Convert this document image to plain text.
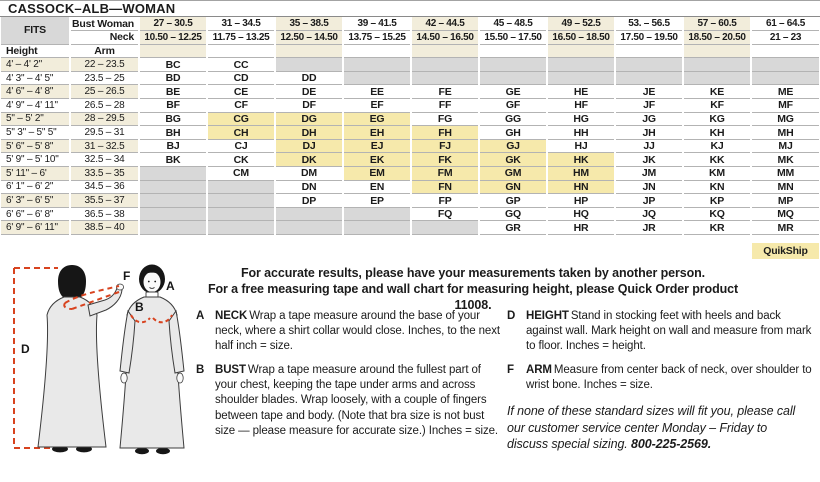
CASSOCK–ALB—WOMAN
FITS	Bust Woman	27 – 30.5	31 – 34.5	35 – 38.5	39 – 41.5	42 – 44.5	45 – 48.5	49 – 52.5	53. – 56.5	57 – 60.5	61 – 64.5
	Neck	10.50 – 12.25	11.75 – 13.25	12.50 – 14.50	13.75 – 15.25	14.50 – 16.50	15.50 – 17.50	16.50 – 18.50	17.50 – 19.50	18.50 – 20.50	21 – 23
Height	Arm										
4' – 4' 2"	22 – 23.5	BC	CC								
4' 3" – 4' 5"	23.5 – 25	BD	CD	DD							
4' 6" – 4' 8"	25 – 26.5	BE	CE	DE	EE	FE	GE	HE	JE	KE	ME
4' 9" – 4' 11"	26.5 – 28	BF	CF	DF	EF	FF	GF	HF	JF	KF	MF
5" – 5' 2"	28 – 29.5	BG	CG	DG	EG	FG	GG	HG	JG	KG	MG
5" 3" – 5" 5"	29.5 – 31	BH	CH	DH	EH	FH	GH	HH	JH	KH	MH
5' 6" – 5' 8"	31 – 32.5	BJ	CJ	DJ	EJ	FJ	GJ	HJ	JJ	KJ	MJ
5' 9" – 5' 10"	32.5 – 34	BK	CK	DK	EK	FK	GK	HK	JK	KK	MK
5' 11" – 6'	33.5 – 35		CM	DM	EM	FM	GM	HM	JM	KM	MM
6' 1" – 6' 2"	34.5 – 36			DN	EN	FN	GN	HN	JN	KN	MN
6' 3" – 6' 5"	35.5 – 37			DP	EP	FP	GP	HP	JP	KP	MP
6' 6" – 6' 8"	36.5 – 38					FQ	GQ	HQ	JQ	KQ	MQ
6' 9" – 6' 11"	38.5 – 40						GR	HR	JR	KR	MR

											QuikShip
D
F
A
B
For accurate results, please have your measurements taken by another person.
For a free measuring tape and wall chart for measuring height, please Quick Order product 11008.
A NECK Wrap a tape measure around the base of your neck, where a shirt collar would close. Inches, to the next half inch = size.

B BUST Wrap a tape measure around the fullest part of your chest, keeping the tape under arms and across shoulder blades. Wrap loosely, with a couple of fingers between tape and body. (Note that bra size is not bust size — please measure for accurate size.) Inches = size.

D HEIGHT Stand in stocking feet with heels and back against wall. Mark height on wall and measure from mark to floor. Inches = height.

F	ARM Measure from center back of neck, over shoulder to wrist bone. Inches = size.

If none of these standard sizes will fit you, please call our customer service center Monday – Friday to discuss special sizing. 800-225-2569.
